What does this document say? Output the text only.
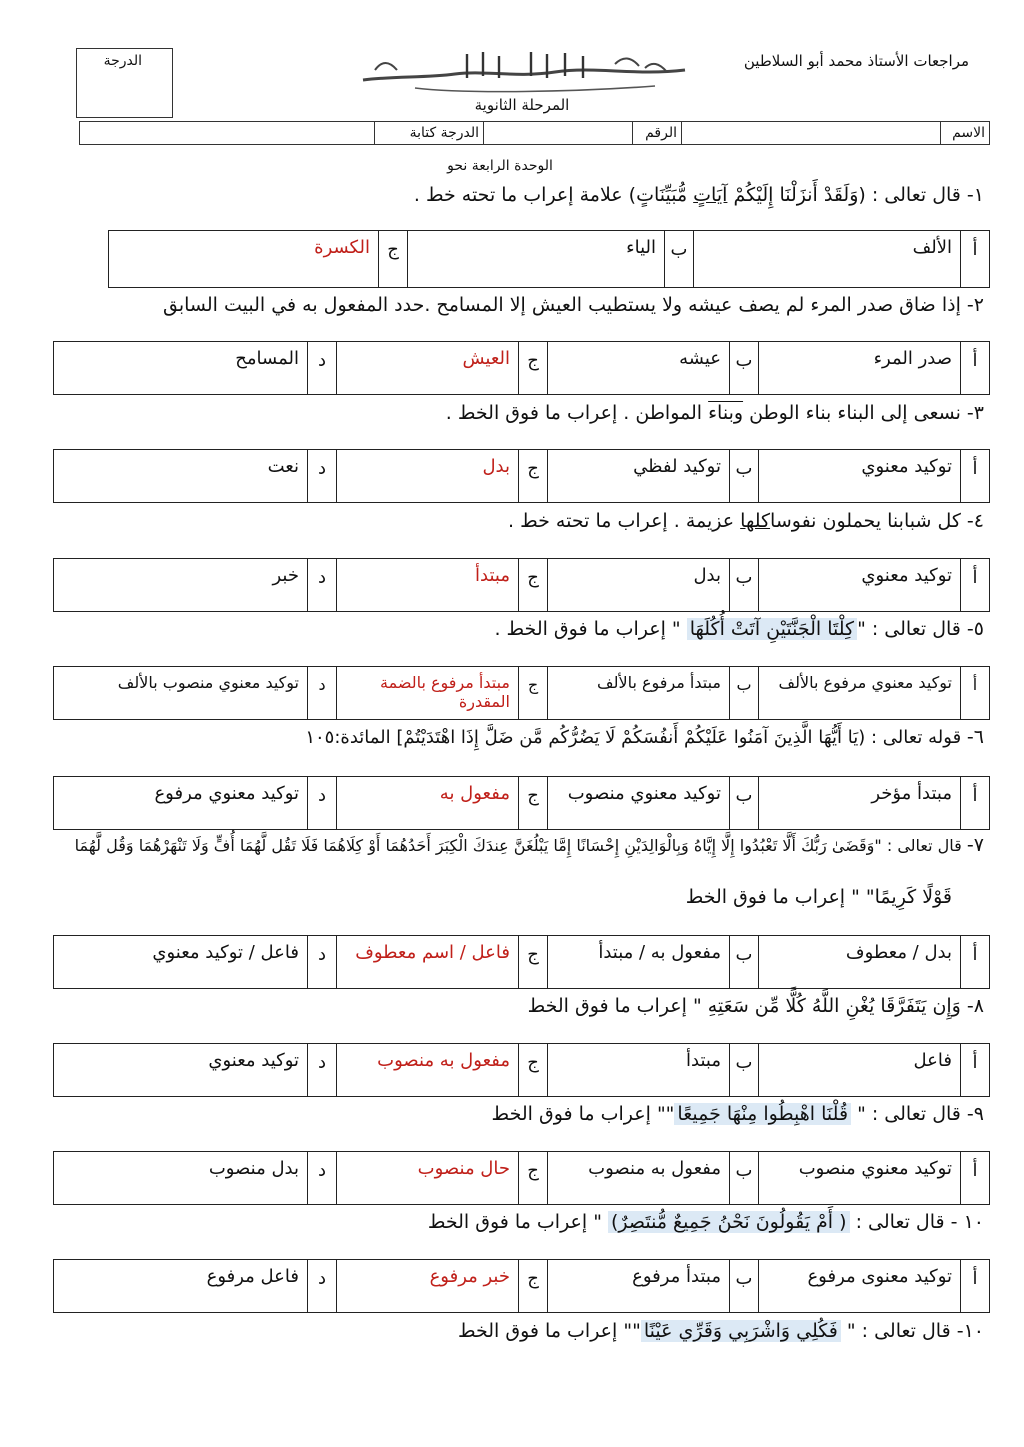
الدرجة	مراجعات الأستاذ محمد أبو السلاطين
المرحلة الثانوية
الاسم		الرقم		الدرجة كتابة	
الوحدة الرابعة نحو
١- قال تعالى : (وَلَقَدْ أَنزَلْنَا إِلَيْكُمْ آيَاتٍ مُّبَيِّنَاتٍ) علامة إعراب ما تحته خط .
أ	الألف	ب	الياء	ج	الكسرة
٢- إذا ضاق صدر المرء لم يصف عيشه ولا يستطيب العيش إلا المسامح .حدد المفعول به في البيت السابق
أ	صدر المرء	ب	عيشه	ج	العيش	د	المسامح
٣- نسعى إلى البناء بناء الوطن وبناء المواطن . إعراب ما فوق الخط .
أ	توكيد معنوي	ب	توكيد لفظي	ج	بدل	د	نعت
٤- كل شبابنا يحملون نفوساكلها عزيمة . إعراب ما تحته خط .
أ	توكيد معنوي	ب	بدل	ج	مبتدأ	د	خبر
٥- قال تعالى : "كِلْتَا الْجَنَّتَيْنِ آتَتْ أُكُلَهَا " إعراب ما فوق الخط .
أ	توكيد معنوي مرفوع بالألف	ب	مبتدأ مرفوع بالألف	ج	مبتدأ مرفوع بالضمة المقدرة	د	توكيد معنوي منصوب بالألف
٦- قوله تعالى : (يَا أَيُّهَا الَّذِينَ آمَنُوا عَلَيْكُمْ أَنفُسَكُمْ لَا يَضُرُّكُم مَّن ضَلَّ إِذَا اهْتَدَيْتُمْ] المائدة:١٠٥
أ	مبتدأ مؤخر	ب	توكيد معنوي منصوب	ج	مفعول به	د	توكيد معنوي مرفوع
٧- قال تعالى : "وَقَضَىٰ رَبُّكَ أَلَّا تَعْبُدُوا إِلَّا إِيَّاهُ وَبِالْوَالِدَيْنِ إِحْسَانًا إِمَّا يَبْلُغَنَّ عِندَكَ الْكِبَرَ أَحَدُهُمَا أَوْ كِلَاهُمَا فَلَا تَقُل لَّهُمَا أُفٍّ وَلَا تَنْهَرْهُمَا وَقُل لَّهُمَا
قَوْلًا كَرِيمًا" " إعراب ما فوق الخط
أ	بدل / معطوف	ب	مفعول به / مبتدأ	ج	فاعل / اسم معطوف	د	فاعل / توكيد معنوي
٨- وَإِن يَتَفَرَّقَا يُغْنِ اللَّهُ كُلًّا مِّن سَعَتِهِ " إعراب ما فوق الخط
أ	فاعل	ب	مبتدأ	ج	مفعول به منصوب	د	توكيد معنوي
٩- قال تعالى : " قُلْنَا اهْبِطُوا مِنْهَا جَمِيعًا"" إعراب ما فوق الخط
أ	توكيد معنوي منصوب	ب	مفعول به منصوب	ج	حال منصوب	د	بدل منصوب
١٠ - قال تعالى : ( أَمْ يَقُولُونَ نَحْنُ جَمِيعٌ مُّنتَصِرٌ) " إعراب ما فوق الخط
أ	توكيد معنوى مرفوع	ب	مبتدأ مرفوع	ج	خبر مرفوع	د	فاعل مرفوع
١٠- قال تعالى : " فَكُلِي وَاشْرَبِي وَقَرِّي عَيْنًا"" إعراب ما فوق الخط
